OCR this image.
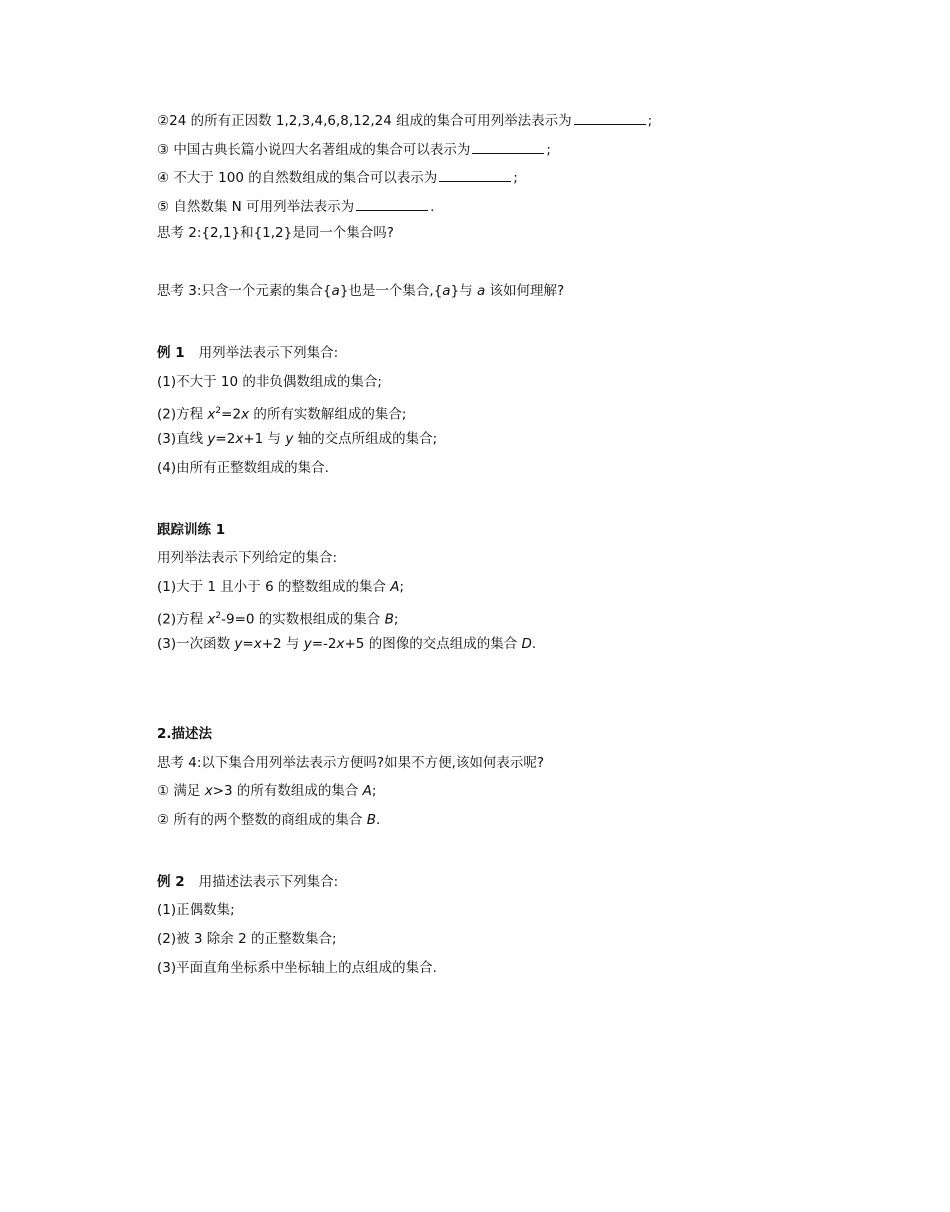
②24 的所有正因数 1,2,3,4,6,8,12,24 组成的集合可用列举法表示为	;
③ 中国古典长篇小说四大名著组成的集合可以表示为	;
④ 不大于 100 的自然数组成的集合可以表示为	;
⑤ 自然数集 N 可用列举法表示为	.
思考 2:{2,1}和{1,2}是同一个集合吗?
思考 3:只含一个元素的集合{a}也是一个集合,{a}与 a 该如何理解?
例 1 用列举法表示下列集合:
(1)不大于 10 的非负偶数组成的集合;
(2)方程 $x^2=2x$ 的所有实数解组成的集合;
(3)直线 y=2x+1 与 y 轴的交点所组成的集合;
(4)由所有正整数组成的集合.
跟踪训练 1
用列举法表示下列给定的集合:
(1)大于 1 且小于 6 的整数组成的集合 A;
(2)方程 $x^2-9=0$ 的实数根组成的集合 B;
(3)一次函数 y=x+2 与 y=-2x+5 的图像的交点组成的集合 D.
2.描述法
思考 4:以下集合用列举法表示方便吗?如果不方便,该如何表示呢?
① 满足 x>3 的所有数组成的集合 A;
② 所有的两个整数的商组成的集合 B.
例 2 用描述法表示下列集合:
(1)正偶数集;
(2)被 3 除余 2 的正整数集合;
(3)平面直角坐标系中坐标轴上的点组成的集合.
